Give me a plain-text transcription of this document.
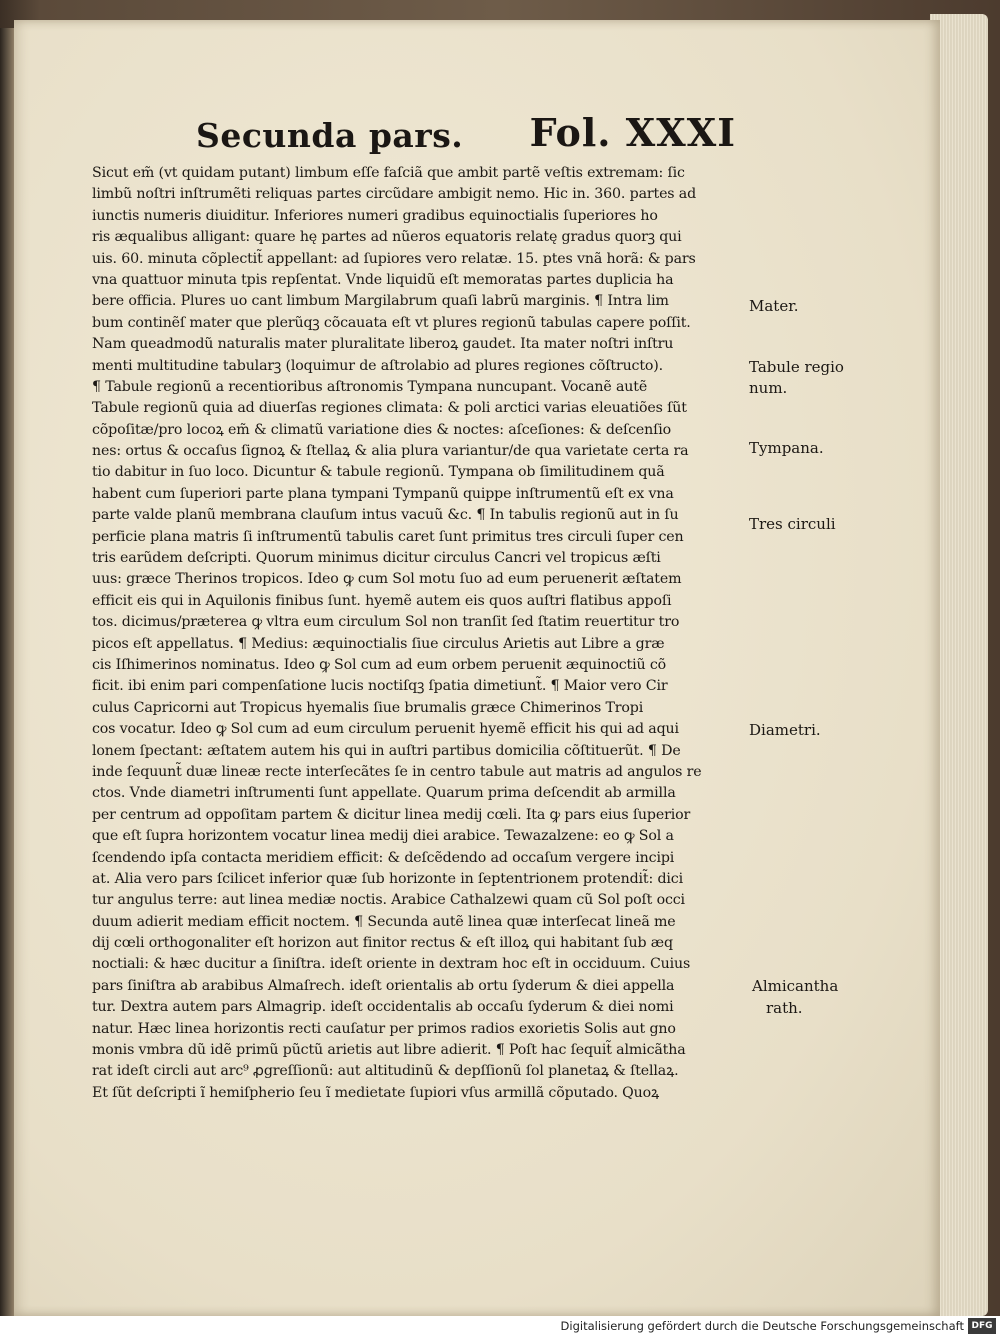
Secunda pars. Fol. XXXI
Sicut em̃ (vt quidam putant) limbum eſſe faſciã que ambit partẽ veſtis extremam: ſic
limbũ noſtri inſtrumẽti reliquas partes circũdare ambigit nemo. Hic in. 360. partes ad
iunctis numeris diuiditur. Inferiores numeri gradibus equinoctialis ſuperiores ho
ris æqualibus alligant: quare hę partes ad nũeros equatoris relatę gradus quorꝫ qui
uis. 60. minuta cõplectit̃ appellant: ad ſupiores vero relatæ. 15. ptes vnã horã: & pars
vna quattuor minuta tpis repſentat. Vnde liquidũ eſt memoratas partes duplicia ha
bere officia. Plures uo cant limbum Margilabrum quaſi labrũ marginis. ¶ Intra lim
bum continẽſ mater que plerũqꝫ cõcauata eſt vt plures regionũ tabulas capere poſſit.
Nam queadmodũ naturalis mater pluralitate liberoꝝ gaudet. Ita mater noſtri inſtru
menti multitudine tabularꝫ (loquimur de aſtrolabio ad plures regiones cõſtructo).
¶ Tabule regionũ a recentioribus aſtronomis Tympana nuncupant. Vocanẽ autẽ
Tabule regionũ quia ad diuerſas regiones climata: & poli arctici varias eleuatiões ſũt
cõpoſitæ/pro locoꝝ em̃ & climatũ variatione dies & noctes: aſceſiones: & deſcenſio
nes: ortus & occaſus ſignoꝝ & ſtellaꝝ & alia plura variantur/de qua varietate certa ra
tio dabitur in ſuo loco. Dicuntur & tabule regionũ. Tympana ob ſimilitudinem quã
habent cum ſuperiori parte plana tympani Tympanũ quippe inſtrumentũ eſt ex vna
parte valde planũ membrana clauſum intus vacuũ &c. ¶ In tabulis regionũ aut in ſu
perficie plana matris ſi inſtrumentũ tabulis caret ſunt primitus tres circuli ſuper cen
tris earũdem deſcripti. Quorum minimus dicitur circulus Cancri vel tropicus æſti
uus: græce Therinos tropicos. Ideo ꝙ cum Sol motu ſuo ad eum peruenerit æſtatem
efficit eis qui in Aquilonis finibus ſunt. hyemẽ autem eis quos auſtri flatibus appoſi
tos. dicimus/præterea ꝙ vltra eum circulum Sol non tranſit ſed ſtatim reuertitur tro
picos eſt appellatus. ¶ Medius: æquinoctialis ſiue circulus Arietis aut Libre a græ
cis Iſhimerinos nominatus. Ideo ꝙ Sol cum ad eum orbem peruenit æquinoctiũ cõ
ficit. ibi enim pari compenſatione lucis noctiſqꝫ ſpatia dimetiunt̃. ¶ Maior vero Cir
culus Capricorni aut Tropicus hyemalis ſiue brumalis græce Chimerinos Tropi
cos vocatur. Ideo ꝙ Sol cum ad eum circulum peruenit hyemẽ efficit his qui ad aqui
lonem ſpectant: æſtatem autem his qui in auſtri partibus domicilia cõſtituerũt. ¶ De
inde ſequunt̃ duæ lineæ recte interſecãtes ſe in centro tabule aut matris ad angulos re
ctos. Vnde diametri inſtrumenti ſunt appellate. Quarum prima deſcendit ab armilla
per centrum ad oppoſitam partem & dicitur linea medij cœli. Ita ꝙ pars eius ſuperior
que eſt ſupra horizontem vocatur linea medij diei arabice. Tewazalzene: eo ꝙ Sol a
ſcendendo ipſa contacta meridiem efficit: & deſcẽdendo ad occaſum vergere incipi
at. Alia vero pars ſcilicet inferior quæ ſub horizonte in ſeptentrionem protendit̃: dici
tur angulus terre: aut linea mediæ noctis. Arabice Cathalzewi quam cũ Sol poſt occi
duum adierit mediam efficit noctem. ¶ Secunda autẽ linea quæ interſecat lineã me
dij cœli orthogonaliter eſt horizon aut finitor rectus & eſt illoꝝ qui habitant ſub æq
noctiali: & hæc ducitur a ſiniſtra. ideſt oriente in dextram hoc eſt in occiduum. Cuius
pars ſiniſtra ab arabibus Almaſrech. ideſt orientalis ab ortu ſyderum & diei appella
tur. Dextra autem pars Almagrip. ideſt occidentalis ab occaſu ſyderum & diei nomi
natur. Hæc linea horizontis recti cauſatur per primos radios exorietis Solis aut gno
monis vmbra dũ idẽ primũ pũctũ arietis aut libre adierit. ¶ Poſt hac ſequit̃ almicãtha
rat ideſt circli aut arc⁹ ꝓgreſſionũ: aut altitudinũ & depſſionũ ſol planetaꝝ & ſtellaꝝ.
Et ſũt deſcripti ĩ hemiſpherio ſeu ĩ medietate ſupiori vſus armillã cõputado. Quoꝝ
Mater.
Tabule regio
num.
Tympana.
Tres circuli
Diametri.
Almicantha
rath.
Digitalisierung gefördert durch die Deutsche Forschungsgemeinschaft DFG
